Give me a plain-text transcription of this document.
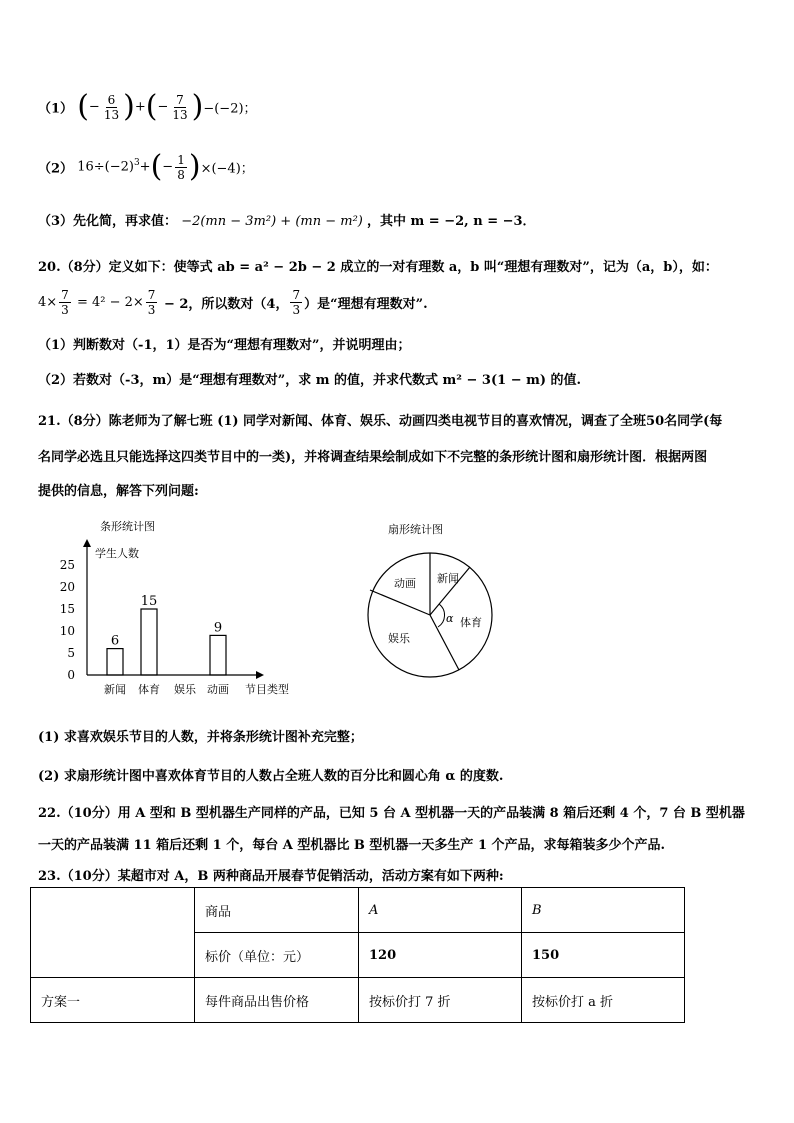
（1） (− $\frac{6}{13}$ )+(− $\frac{7}{13} )-(-2)$；
（2） $16\div(-2)^3+(- \frac{1}{8} )\times(-4)$；
（3）先化简，再求值： −2(mn − 3m²) + (mn − m²) ，其中 m = −2, n = −3．
20.（8分）定义如下：使等式 ab = a² − 2b − 2 成立的一对有理数 a，b 叫“理想有理数对”，记为（a，b），如：
$4\times \frac{7}{3} = 4^2 - 2\times \frac{7}{3} - 2$，所以数对（4， $\frac{7}{3}$ ）是“理想有理数对”.
（1）判断数对（-1，1）是否为“理想有理数对”，并说明理由；
（2）若数对（-3，m）是“理想有理数对”，求 m 的值，并求代数式 m² − 3(1 − m) 的值.
21.（8分）陈老师为了解七班 (1) 同学对新闻、体育、娱乐、动画四类电视节目的喜欢情况，调查了全班50名同学(每
名同学必选且只能选择这四类节目中的一类)，并将调查结果绘制成如下不完整的条形统计图和扇形统计图．根据两图
提供的信息，解答下列问题:
条形统计图
学生人数
0
5
10
15
20
25
6
15
9
新闻 体育 娱乐 动画 节目类型
扇形统计图
α
新闻
体育
娱乐
动画
(1) 求喜欢娱乐节目的人数，并将条形统计图补充完整；
(2) 求扇形统计图中喜欢体育节目的人数占全班人数的百分比和圆心角 α 的度数.
22.（10分）用 A 型和 B 型机器生产同样的产品，已知 5 台 A 型机器一天的产品装满 8 箱后还剩 4 个，7 台 B 型机器
一天的产品装满 11 箱后还剩 1 个，每台 A 型机器比 B 型机器一天多生产 1 个产品，求每箱装多少个产品.
23.（10分）某超市对 A，B 两种商品开展春节促销活动，活动方案有如下两种:
	商品	A	B
	标价（单位：元）	120	150
方案一	每件商品出售价格	按标价打 7 折	按标价打 a 折
